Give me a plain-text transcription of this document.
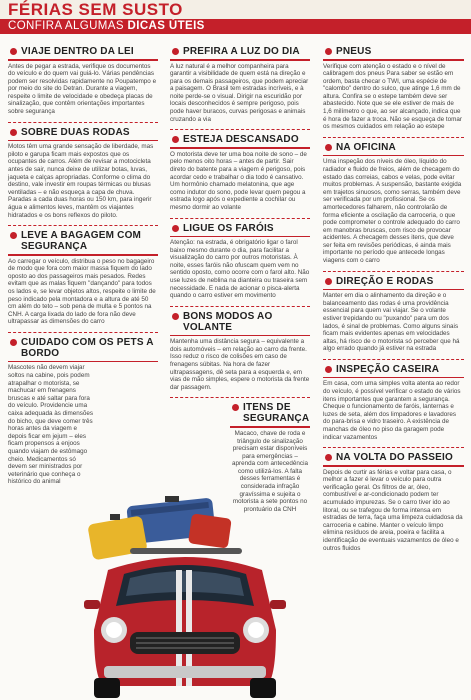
FÉRIAS SEM SUSTO
CONFIRA ALGUMAS DICAS ÚTEIS
VIAJE DENTRO DA LEI
Antes de pegar a estrada, verifique os documentos do veículo e do quem vai guiá-lo. Várias pendências podem ser resolvidas rapidamente no Poupatempo e por meio do site do Detran. Durante a viagem, respeite o limite de velocidade e obedeça placas de sinalização, que contêm orientações importantes sobre segurança
SOBRE DUAS RODAS
Motos têm uma grande sensação de liberdade, mas piloto e garupa ficam mais expostos que os ocupantes de carros. Além de revisar a motocicleta antes de sair, nunca deixe de utilizar botas, luvas, jaqueta e calças apropriadas. Conforme o clima do destino, vale investir em roupas térmicas ou blusas ventiladas – e não esqueça a capa de chuva. Paradas a cada duas horas ou 150 km, para ingerir água e alimentos leves, mantêm os viajantes hidratados e os bons reflexos do piloto.
LEVE A BAGAGEM COM SEGURANÇA
Ao carregar o veículo, distribua o peso no bagageiro de modo que fora com maior massa fiquem do lado oposto ao dos passageiros mais pesados. Redes evitam que as malas fiquem "dançando" para todos os lados e, se levar objetos altos, respeite o limite de peso indicado pela montadora e a altura de até 50 cm além do teto – sob pena de multa e 5 pontos na CNH. A carga lixada do lado de fora não deve ultrapassar as dimensões do carro
CUIDADO COM OS PETS A BORDO
Mascotes não devem viajar soltos na cabine, pois podem atrapalhar o motorista, se machucar em frenagens bruscas e até saltar para fora do veículo. Providencie uma caixa adequada às dimensões do bicho, que deve comer três horas antes da viagem e depois ficar em jejum – eles ficam propensos a enjoos quando viajam de estômago cheio. Medicamentos só devem ser ministrados por veterinário que conheça o histórico do animal
PREFIRA A LUZ DO DIA
A luz natural é a melhor companheira para garantir a visibilidade de quem está na direção e para os demais passageiros, que podem apreciar a paisagem. O Brasil tem estradas incríveis, e à noite perde-se o visual. Dirigir na escuridão por locais desconhecidos é sempre perigoso, pois pode haver buracos, curvas perigosas e animais cruzando a via
ESTEJA DESCANSADO
O motorista deve ter uma boa noite de sono – de pelo menos oito horas – antes de partir. Sair direto do batente para a viagem é perigoso, pois acordar cedo e trabalhar o dia todo é cansativo. Um hormônio chamado melatonina, que age como indutor do sono, pode levar quem pegou a estrada logo após o expediente a cochilar ou mesmo dormir ao volante
LIGUE OS FARÓIS
Atenção: na estrada, é obrigatório ligar o farol baixo mesmo durante o dia, para facilitar a visualização do carro por outros motoristas. À noite, esses faróis não ofuscam quem vem no sentido oposto, como ocorre com o farol alto. Não use luzes de neblina na dianteira ou traseira sem necessidade. E nada de acionar o pisca-alerta quando o carro estiver em movimento
BONS MODOS AO VOLANTE
Mantenha uma distância segura – equivalente a dois automóveis – em relação ao carro da frente. Isso reduz o risco de colisões em caso de frenagens súbitas. Na hora de fazer ultrapassagens, dê seta para a esquerda e, em vias de mão simples, espere o motorista da frente dar passagem.
ITENS DE SEGURANÇA
Macaco, chave de roda e triângulo de sinalização precisam estar disponíveis para emergências – aprenda com antecedência como utilizá-los. A falta desses ferramentas é considerada infração gravíssima e sujeita o motorista a sete pontos no prontuário da CNH
PNEUS
Verifique com atenção o estado e o nível de calibragem dos pneus Para saber se estão em ordem, basta checar o TWI, uma espécie de "calombo" dentro do sulco, que atinge 1,6 mm de altura. Confira se o estepe também deve ser abastecido. Note que se ele estiver de mais de 1,6 milímetro o que, ao ser alcançado, indica que é hora de fazer a troca. Não se esqueça de tomar os mesmos cuidados em relação ao estepe
NA OFICINA
Uma inspeção dos níveis de óleo, líquido do radiador e fluido de freios, além de checagem do estado das correias, cabos e velas, pode evitar muitos problemas. A suspensão, bastante exigida em trajetos sinuosos, como serras, também deve ser verificada por um profissional. Se os amortecedores falharem, não controlarão de forma eficiente a oscilação da carroceria, o que pode comprometer o controle adequado do carro em manobras bruscas, com risco de provocar acidentes. A checagem desses itens, que deve ser feita em revisões periódicas, é ainda mais importante no período que antecede longas viagens com o carro
DIREÇÃO E RODAS
Manter em dia o alinhamento da direção e o balanceamento das rodas é uma providência essencial para quem vai viajar. Se o volante estiver trepidando ou "puxando" para um dos lados, é sinal de problemas. Como alguns sinais ficam mais evidentes apenas em velocidades altas, há risco de o motorista só perceber que há algo errado quando já estiver na estrada
INSPEÇÃO CASEIRA
Em casa, com uma simples volta atenta ao redor do veículo, é possível verificar o estado de vários itens importantes que garantem a segurança. Cheque o funcionamento de faróis, lanternas e luzes de seta, além dos limpadores e lavadores do para-brisa e vidro traseiro. A existência de manchas de óleo no piso da garagem pode indicar vazamentos
NA VOLTA DO PASSEIO
Depois de curtir as férias e voltar para casa, o melhor a fazer é levar o veículo para outra verificação geral. Os filtros de ar, óleo, combustível e ar-condicionado podem ter acumulado impurezas. Se o carro tiver ido ao litoral, ou se trafegou de forma intensa em estradas de terra, faça uma limpeza cuidadosa da carroceria e cabine. Manter o veículo limpo elimina resíduos de areia, poeira e facilita a identificação de eventuais vazamentos de óleo e outros fluidos
